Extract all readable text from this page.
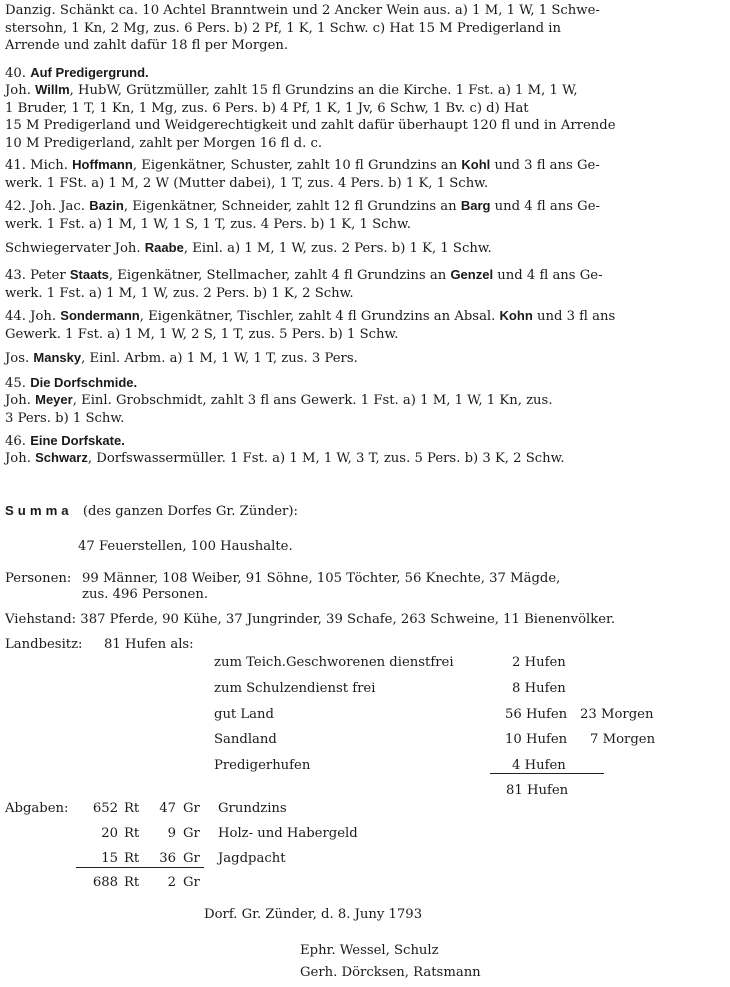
Danzig. Schänkt ca. 10 Achtel Branntwein und 2 Ancker Wein aus. a) 1 M, 1 W, 1 Schwe-
stersohn, 1 Kn, 2 Mg, zus. 6 Pers. b) 2 Pf, 1 K, 1 Schw. c) Hat 15 M Predigerland in
Arrende und zahlt dafür 18 fl per Morgen.

40. Auf Predigergrund.

Joh. Willm, HubW, Grützmüller, zahlt 15 fl Grundzins an die Kirche. 1 Fst. a) 1 M, 1 W,
1 Bruder, 1 T, 1 Kn, 1 Mg, zus. 6 Pers. b) 4 Pf, 1 K, 1 Jv, 6 Schw, 1 Bv. c) d) Hat
15 M Predigerland und Weidgerechtigkeit und zahlt dafür überhaupt 120 fl und in Arrende
10 M Predigerland, zahlt per Morgen 16 fl d. c.

41. Mich. Hoffmann, Eigenkätner, Schuster, zahlt 10 fl Grundzins an Kohl und 3 fl ans Ge-
werk. 1 FSt. a) 1 M, 2 W (Mutter dabei), 1 T, zus. 4 Pers. b) 1 K, 1 Schw.

42. Joh. Jac. Bazin, Eigenkätner, Schneider, zahlt 12 fl Grundzins an Barg und 4 fl ans Ge-
werk. 1 Fst. a) 1 M, 1 W, 1 S, 1 T, zus. 4 Pers. b) 1 K, 1 Schw.

Schwiegervater Joh. Raabe, Einl. a) 1 M, 1 W, zus. 2 Pers. b) 1 K, 1 Schw.

43. Peter Staats, Eigenkätner, Stellmacher, zahlt 4 fl Grundzins an Genzel und 4 fl ans Ge-
werk. 1 Fst. a) 1 M, 1 W, zus. 2 Pers. b) 1 K, 2 Schw.

44. Joh. Sondermann, Eigenkätner, Tischler, zahlt 4 fl Grundzins an Absal. Kohn und 3 fl ans
Gewerk. 1 Fst. a) 1 M, 1 W, 2 S, 1 T, zus. 5 Pers. b) 1 Schw.

Jos. Mansky, Einl. Arbm. a) 1 M, 1 W, 1 T, zus. 3 Pers.

45. Die Dorfschmide.

Joh. Meyer, Einl. Grobschmidt, zahlt 3 fl ans Gewerk. 1 Fst. a) 1 M, 1 W, 1 Kn, zus.
3 Pers. b) 1 Schw.

46. Eine Dorfskate.

Joh. Schwarz, Dorfswassermüller. 1 Fst. a) 1 M, 1 W, 3 T, zus. 5 Pers. b) 3 K, 2 Schw.

Summa (des ganzen Dorfes Gr. Zünder):
47 Feuerstellen, 100 Haushalte.
Personen: 99 Männer, 108 Weiber, 91 Söhne, 105 Töchter, 56 Knechte, 37 Mägde,
zus. 496 Personen.
Viehstand: 387 Pferde, 90 Kühe, 37 Jungrinder, 39 Schafe, 263 Schweine, 11 Bienenvölker.
Landbesitz: 81 Hufen als:
zum Teich.Geschworenen dienstfrei	2 Hufen
zum Schulzendienst frei	8 Hufen
gut Land	56 Hufen 23 Morgen
Sandland	10 Hufen 7 Morgen
Predigerhufen	4 Hufen
81 Hufen
Abgaben:	652 Rt	47 Gr Grundzins
20 Rt	9 Gr Holz- und Habergeld
15 Rt	36 Gr Jagdpacht
688 Rt	2 Gr
Dorf. Gr. Zünder, d. 8. Juny 1793
Ephr. Wessel, Schulz
Gerh. Dörcksen, Ratsmann
